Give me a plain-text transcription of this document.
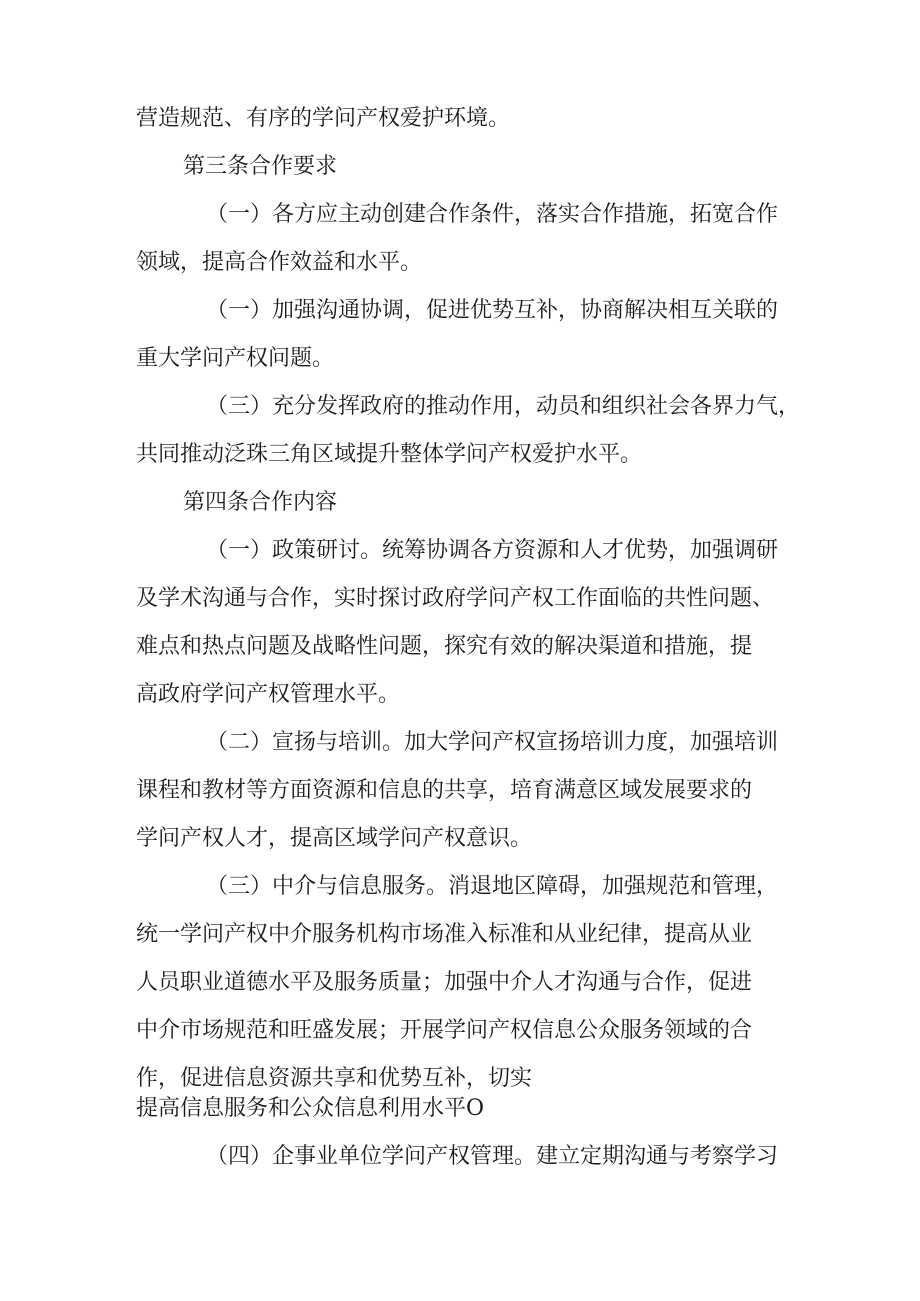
营造规范、有序的学问产权爱护环境。
第三条合作要求
（一）各方应主动创建合作条件，落实合作措施，拓宽合作
领域，提高合作效益和水平。
（一）加强沟通协调，促进优势互补，协商解决相互关联的
重大学问产权问题。
（三）充分发挥政府的推动作用，动员和组织社会各界力气，
共同推动泛珠三角区域提升整体学问产权爱护水平。
第四条合作内容
（一）政策研讨。统筹协调各方资源和人才优势，加强调研
及学术沟通与合作，实时探讨政府学问产权工作面临的共性问题、
难点和热点问题及战略性问题，探究有效的解决渠道和措施，提
高政府学问产权管理水平。
（二）宣扬与培训。加大学问产权宣扬培训力度，加强培训
课程和教材等方面资源和信息的共享，培育满意区域发展要求的
学问产权人才，提高区域学问产权意识。
（三）中介与信息服务。消退地区障碍，加强规范和管理，
统一学问产权中介服务机构市场准入标准和从业纪律，提高从业
人员职业道德水平及服务质量；加强中介人才沟通与合作，促进
中介市场规范和旺盛发展；开展学问产权信息公众服务领域的合
作，促进信息资源共享和优势互补，切实
提高信息服务和公众信息利用水平O
（四）企事业单位学问产权管理。建立定期沟通与考察学习
